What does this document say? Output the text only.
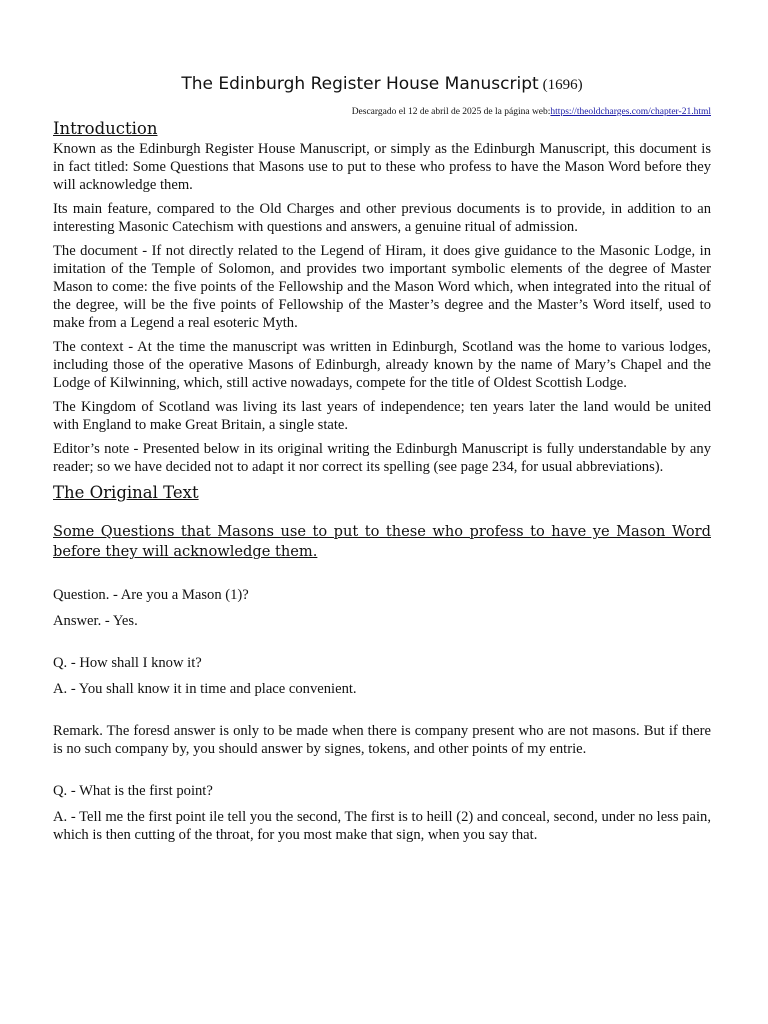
The Edinburgh Register House Manuscript (1696)
Descargado el 12 de abril de 2025 de la página web:https://theoldcharges.com/chapter-21.html
Introduction

Known as the Edinburgh Register House Manuscript, or simply as the Edinburgh Manuscript, this document is in fact titled: Some Questions that Masons use to put to these who profess to have the Mason Word before they will acknowledge them.

Its main feature, compared to the Old Charges and other previous documents is to provide, in addition to an interesting Masonic Catechism with questions and answers, a genuine ritual of admission.

The document - If not directly related to the Legend of Hiram, it does give guidance to the Masonic Lodge, in imitation of the Temple of Solomon, and provides two important symbolic elements of the degree of Master Mason to come: the five points of the Fellowship and the Mason Word which, when integrated into the ritual of the degree, will be the five points of Fellowship of the Master’s degree and the Master’s Word itself, used to make from a Legend a real esoteric Myth.

The context - At the time the manuscript was written in Edinburgh, Scotland was the home to various lodges, including those of the operative Masons of Edinburgh, already known by the name of Mary’s Chapel and the Lodge of Kilwinning, which, still active nowadays, compete for the title of Oldest Scottish Lodge.

The Kingdom of Scotland was living its last years of independence; ten years later the land would be united with England to make Great Britain, a single state.

Editor’s note - Presented below in its original writing the Edinburgh Manuscript is fully understandable by any reader; so we have decided not to adapt it nor correct its spelling (see page 234, for usual abbreviations).

The Original Text
Some Questions that Masons use to put to these who profess to have ye Mason Word before they will acknowledge them.

Question. - Are you a Mason (1)?

Answer. - Yes.

Q. - How shall I know it?

A. - You shall know it in time and place convenient.

Remark. The foresd answer is only to be made when there is company present who are not masons. But if there is no such company by, you should answer by signes, tokens, and other points of my entrie.

Q. - What is the first point?

A. - Tell me the first point ile tell you the second, The first is to heill (2) and conceal, second, under no less pain, which is then cutting of the throat, for you most make that sign, when you say that.
